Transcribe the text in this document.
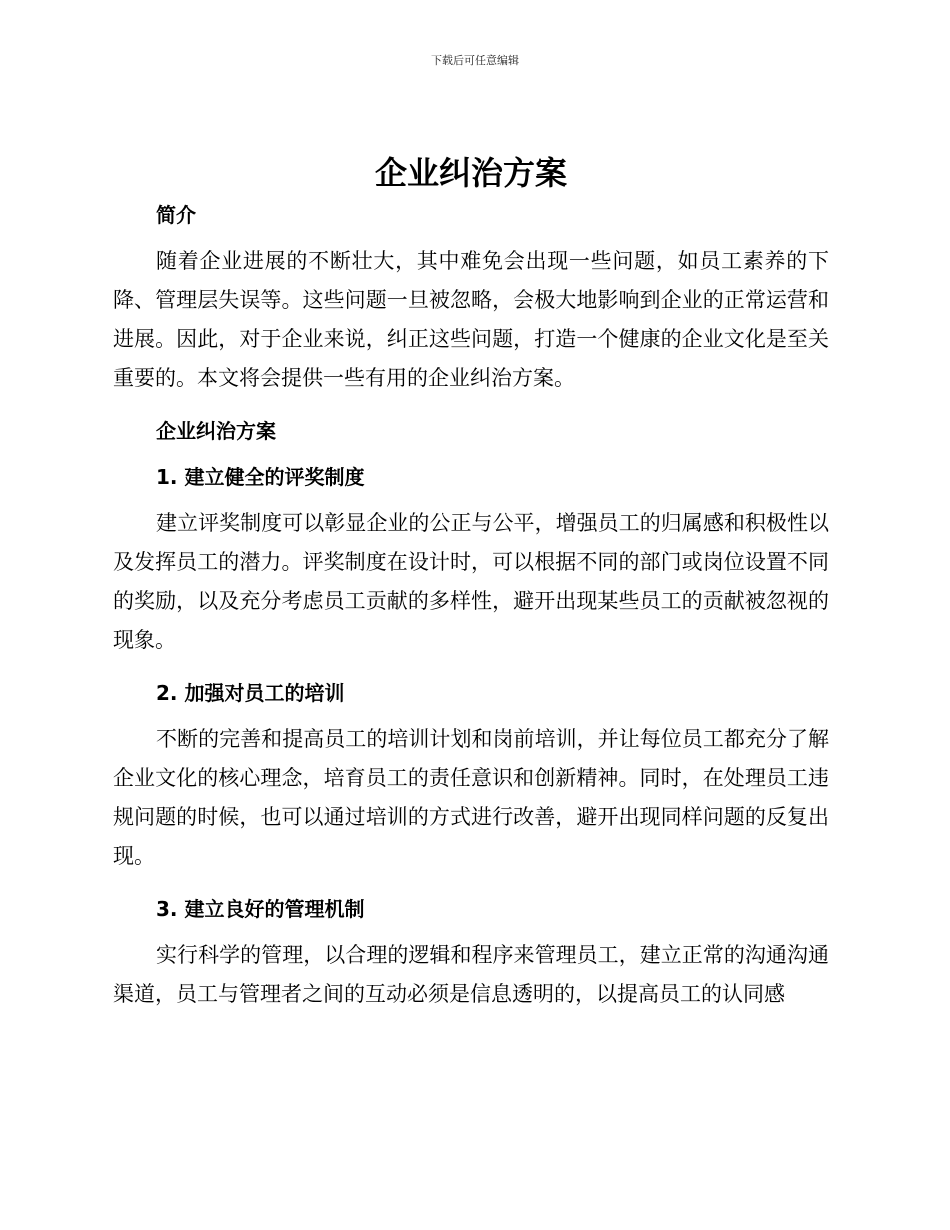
下载后可任意编辑
企业纠治方案
简介

随着企业进展的不断壮大，其中难免会出现一些问题，如员工素养的下降、管理层失误等。这些问题一旦被忽略，会极大地影响到企业的正常运营和进展。因此，对于企业来说，纠正这些问题，打造一个健康的企业文化是至关重要的。本文将会提供一些有用的企业纠治方案。

企业纠治方案
1. 建立健全的评奖制度

建立评奖制度可以彰显企业的公正与公平，增强员工的归属感和积极性以及发挥员工的潜力。评奖制度在设计时，可以根据不同的部门或岗位设置不同的奖励，以及充分考虑员工贡献的多样性，避开出现某些员工的贡献被忽视的现象。

2. 加强对员工的培训

不断的完善和提高员工的培训计划和岗前培训，并让每位员工都充分了解企业文化的核心理念，培育员工的责任意识和创新精神。同时，在处理员工违规问题的时候，也可以通过培训的方式进行改善，避开出现同样问题的反复出现。

3. 建立良好的管理机制

实行科学的管理，以合理的逻辑和程序来管理员工，建立正常的沟通沟通渠道，员工与管理者之间的互动必须是信息透明的，以提高员工的认同感
